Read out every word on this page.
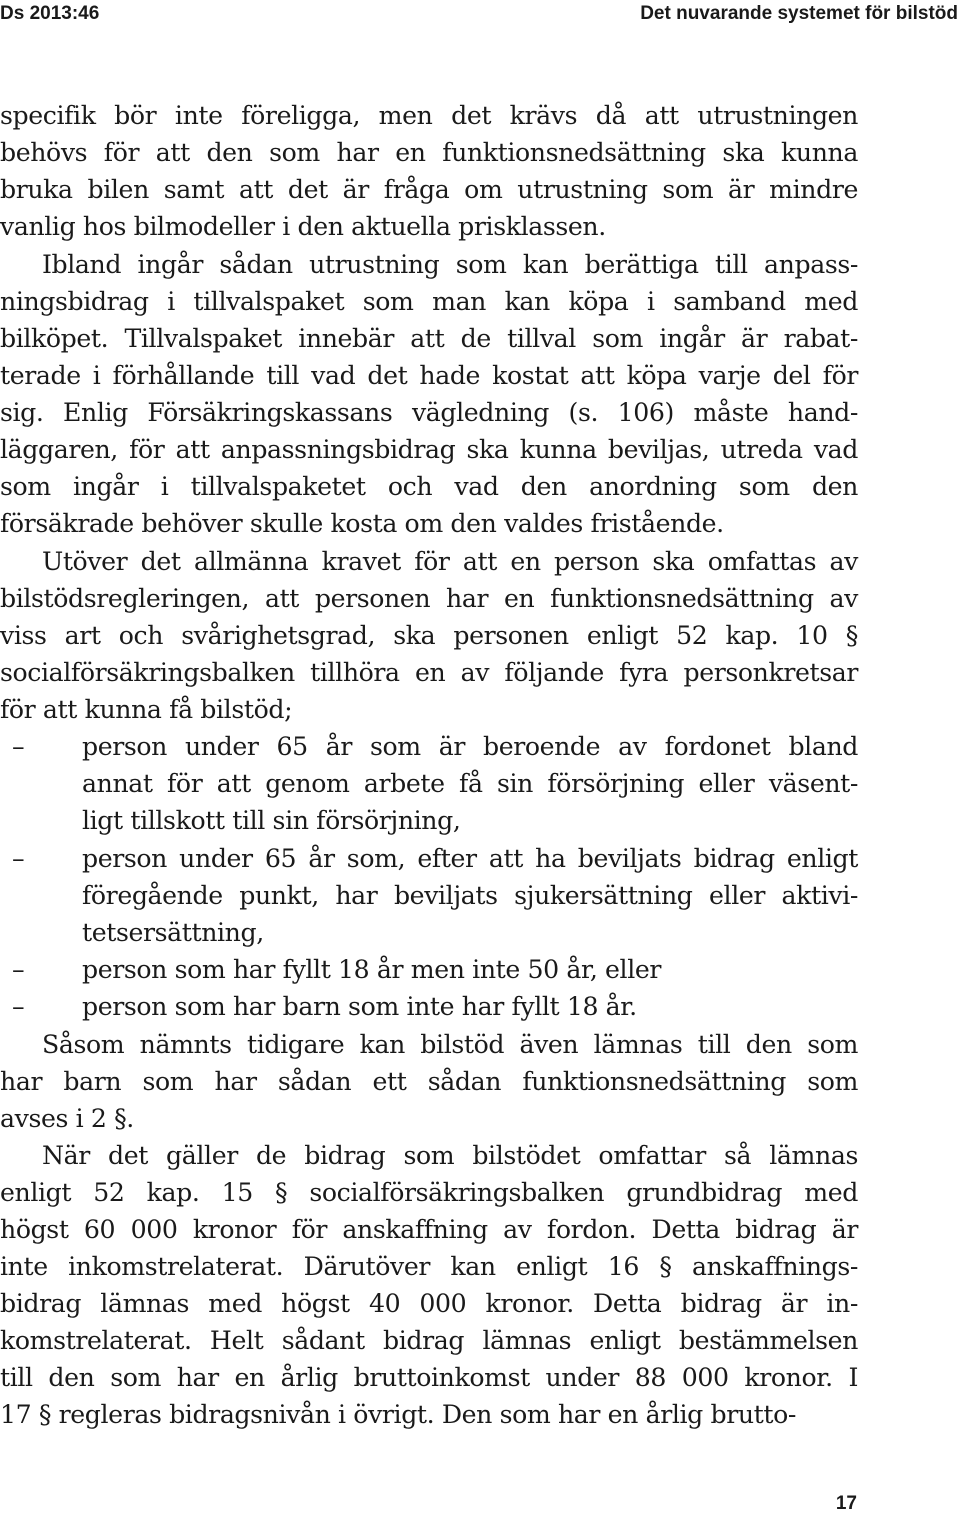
Ds 2013:46	Det nuvarande systemet för bilstöd
specifik bör inte föreligga, men det krävs då att utrustningen
behövs för att den som har en funktionsnedsättning ska kunna
bruka bilen samt att det är fråga om utrustning som är mindre
vanlig hos bilmodeller i den aktuella prisklassen.
Ibland ingår sådan utrustning som kan berättiga till anpass-
ningsbidrag i tillvalspaket som man kan köpa i samband med
bilköpet. Tillvalspaket innebär att de tillval som ingår är rabat-
terade i förhållande till vad det hade kostat att köpa varje del för
sig. Enlig Försäkringskassans vägledning (s. 106) måste hand-
läggaren, för att anpassningsbidrag ska kunna beviljas, utreda vad
som ingår i tillvalspaketet och vad den anordning som den
försäkrade behöver skulle kosta om den valdes fristående.
Utöver det allmänna kravet för att en person ska omfattas av
bilstödsregleringen, att personen har en funktionsnedsättning av
viss art och svårighetsgrad, ska personen enligt 52 kap. 10 §
socialförsäkringsbalken tillhöra en av följande fyra personkretsar
för att kunna få bilstöd;
–	person under 65 år som är beroende av fordonet bland
annat för att genom arbete få sin försörjning eller väsent-
ligt tillskott till sin försörjning,
–	person under 65 år som, efter att ha beviljats bidrag enligt
föregående punkt, har beviljats sjukersättning eller aktivi-
tetsersättning,
–	person som har fyllt 18 år men inte 50 år, eller
–	person som har barn som inte har fyllt 18 år.
Såsom nämnts tidigare kan bilstöd även lämnas till den som
har barn som har sådan ett sådan funktionsnedsättning som
avses i 2 §.
När det gäller de bidrag som bilstödet omfattar så lämnas
enligt 52 kap. 15 § socialförsäkringsbalken grundbidrag med
högst 60 000 kronor för anskaffning av fordon. Detta bidrag är
inte inkomstrelaterat. Därutöver kan enligt 16 § anskaffnings-
bidrag lämnas med högst 40 000 kronor. Detta bidrag är in-
komstrelaterat. Helt sådant bidrag lämnas enligt bestämmelsen
till den som har en årlig bruttoinkomst under 88 000 kronor. I
17 § regleras bidragsnivån i övrigt. Den som har en årlig brutto-
17
